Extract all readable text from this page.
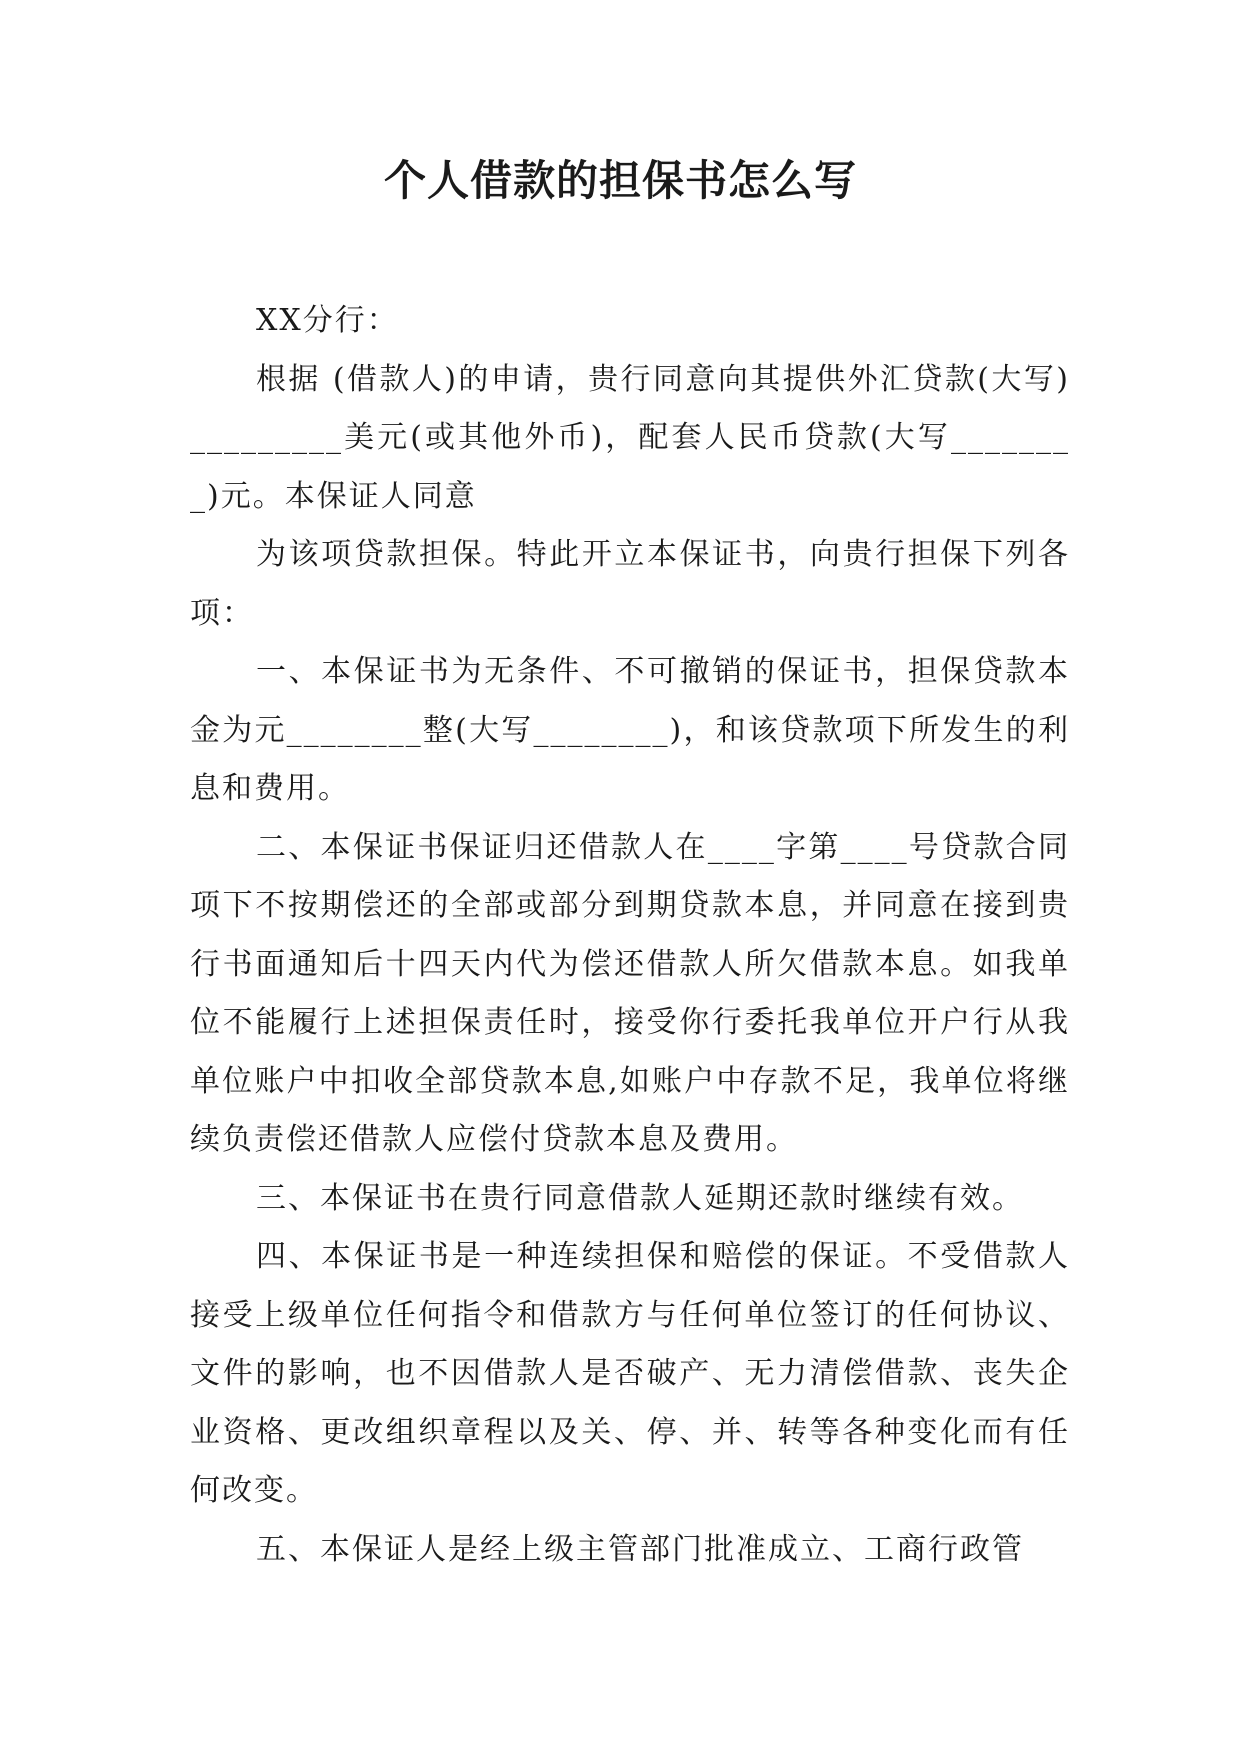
个人借款的担保书怎么写

XX分行：

根据 (借款人)的申请，贵行同意向其提供外汇贷款(大写)_________美元(或其他外币)，配套人民币贷款(大写________)元。本保证人同意

为该项贷款担保。特此开立本保证书，向贵行担保下列各项：

一、本保证书为无条件、不可撤销的保证书，担保贷款本金为元________整(大写________)，和该贷款项下所发生的利息和费用。

二、本保证书保证归还借款人在____字第____号贷款合同项下不按期偿还的全部或部分到期贷款本息，并同意在接到贵行书面通知后十四天内代为偿还借款人所欠借款本息。如我单位不能履行上述担保责任时，接受你行委托我单位开户行从我单位账户中扣收全部贷款本息,如账户中存款不足，我单位将继续负责偿还借款人应偿付贷款本息及费用。

三、本保证书在贵行同意借款人延期还款时继续有效。

四、本保证书是一种连续担保和赔偿的保证。不受借款人接受上级单位任何指令和借款方与任何单位签订的任何协议、文件的影响，也不因借款人是否破产、无力清偿借款、丧失企业资格、更改组织章程以及关、停、并、转等各种变化而有任何改变。

五、本保证人是经上级主管部门批准成立、工商行政管
